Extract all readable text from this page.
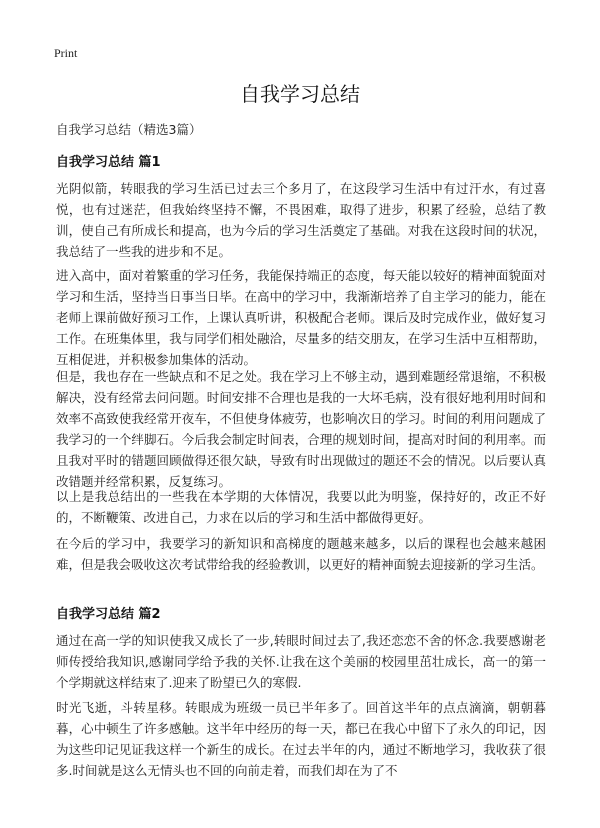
Print
自我学习总结

自我学习总结（精选3篇）

自我学习总结 篇1

光阴似箭，转眼我的学习生活已过去三个多月了，在这段学习生活中有过汗水，有过喜悦，也有过迷茫，但我始终坚持不懈，不畏困难，取得了进步，积累了经验，总结了教训，使自己有所成长和提高，也为今后的学习生活奠定了基础。对我在这段时间的状况，我总结了一些我的进步和不足。

进入高中，面对着繁重的学习任务，我能保持端正的态度，每天能以较好的精神面貌面对学习和生活，坚持当日事当日毕。在高中的学习中，我渐渐培养了自主学习的能力，能在老师上课前做好预习工作，上课认真听讲，积极配合老师。课后及时完成作业，做好复习工作。在班集体里，我与同学们相处融洽，尽量多的结交朋友，在学习生活中互相帮助，互相促进，并积极参加集体的活动。

但是，我也存在一些缺点和不足之处。我在学习上不够主动，遇到难题经常退缩，不积极解决，没有经常去问问题。时间安排不合理也是我的一大坏毛病，没有很好地利用时间和效率不高致使我经常开夜车，不但使身体疲劳，也影响次日的学习。时间的利用问题成了我学习的一个绊脚石。今后我会制定时间表，合理的规划时间，提高对时间的利用率。而且我对平时的错题回顾做得还很欠缺，导致有时出现做过的题还不会的情况。以后要认真改错题并经常积累，反复练习。

以上是我总结出的一些我在本学期的大体情况，我要以此为明鉴，保持好的，改正不好的，不断鞭策、改进自己，力求在以后的学习和生活中都做得更好。

在今后的学习中，我要学习的新知识和高梯度的题越来越多，以后的课程也会越来越困难，但是我会吸收这次考试带给我的经验教训，以更好的精神面貌去迎接新的学习生活。

自我学习总结 篇2

通过在高一学的知识使我又成长了一步,转眼时间过去了,我还恋恋不舍的怀念.我要感谢老师传授给我知识,感谢同学给予我的关怀.让我在这个美丽的校园里茁壮成长，高一的第一个学期就这样结束了.迎来了盼望已久的寒假.

时光飞逝，斗转星移。转眼成为班级一员已半年多了。回首这半年的点点滴滴，朝朝暮暮，心中顿生了许多感触。这半年中经历的每一天，都已在我心中留下了永久的印记，因为这些印记见证我这样一个新生的成长。在过去半年的内，通过不断地学习，我收获了很多.时间就是这么无情头也不回的向前走着，而我们却在为了不
